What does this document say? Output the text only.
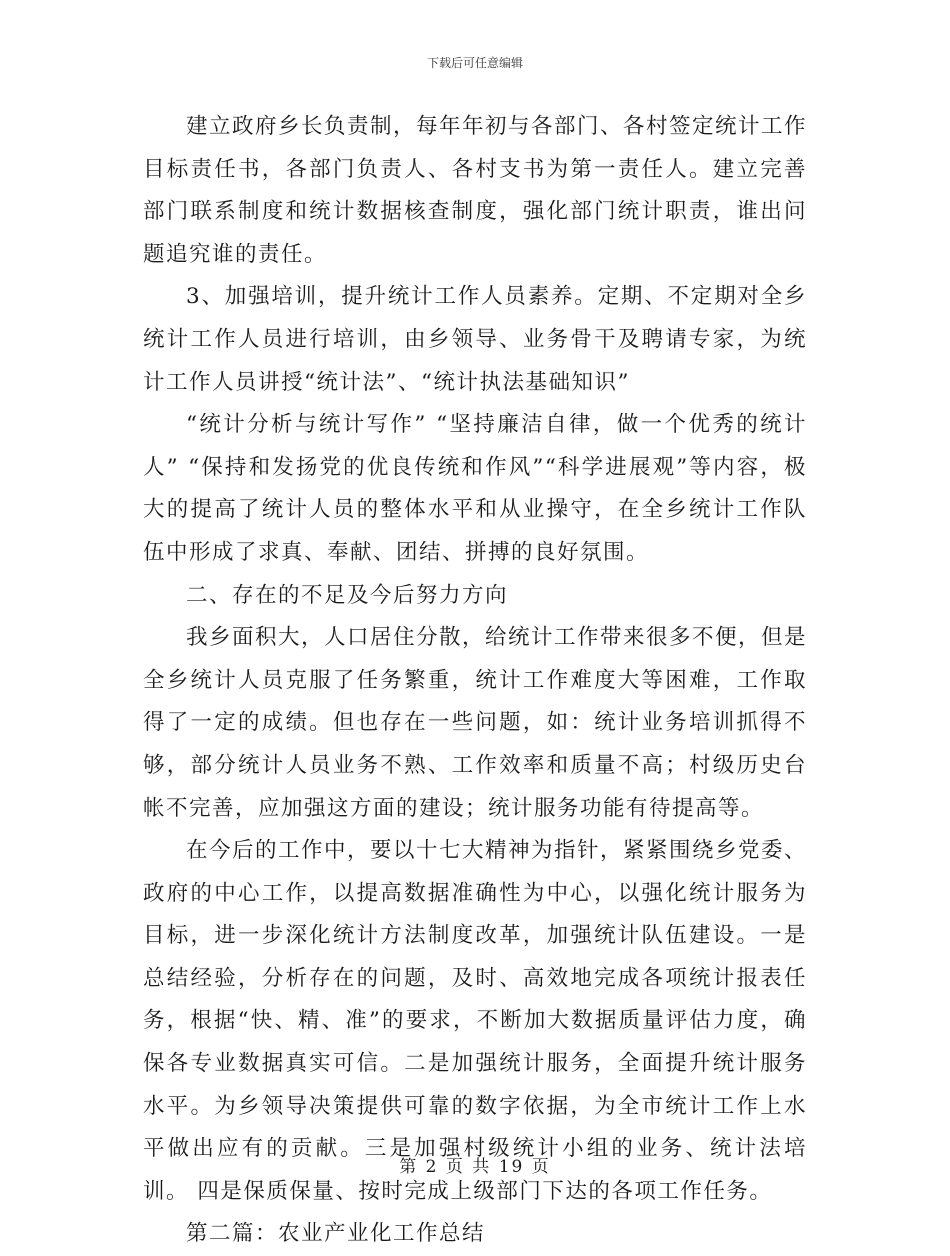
下载后可任意编辑

建立政府乡长负责制，每年年初与各部门、各村签定统计工作目标责任书，各部门负责人、各村支书为第一责任人。建立完善部门联系制度和统计数据核查制度，强化部门统计职责，谁出问题追究谁的责任。

3、加强培训，提升统计工作人员素养。定期、不定期对全乡统计工作人员进行培训，由乡领导、业务骨干及聘请专家，为统计工作人员讲授“统计法”、“统计执法基础知识”

“统计分析与统计写作” “坚持廉洁自律，做一个优秀的统计人” “保持和发扬党的优良传统和作风”“科学进展观”等内容，极大的提高了统计人员的整体水平和从业操守，在全乡统计工作队伍中形成了求真、奉献、团结、拼搏的良好氛围。

二、存在的不足及今后努力方向

我乡面积大，人口居住分散，给统计工作带来很多不便，但是全乡统计人员克服了任务繁重，统计工作难度大等困难，工作取得了一定的成绩。但也存在一些问题，如：统计业务培训抓得不够，部分统计人员业务不熟、工作效率和质量不高；村级历史台帐不完善，应加强这方面的建设；统计服务功能有待提高等。

在今后的工作中，要以十七大精神为指针，紧紧围绕乡党委、政府的中心工作，以提高数据准确性为中心，以强化统计服务为目标，进一步深化统计方法制度改革，加强统计队伍建设。一是总结经验，分析存在的问题，及时、高效地完成各项统计报表任务，根据“快、精、准”的要求，不断加大数据质量评估力度，确保各专业数据真实可信。二是加强统计服务，全面提升统计服务水平。为乡领导决策提供可靠的数字依据，为全市统计工作上水平做出应有的贡献。三是加强村级统计小组的业务、统计法培训。 四是保质保量、按时完成上级部门下达的各项工作任务。

第二篇：农业产业化工作总结

第 2 页 共 19 页
